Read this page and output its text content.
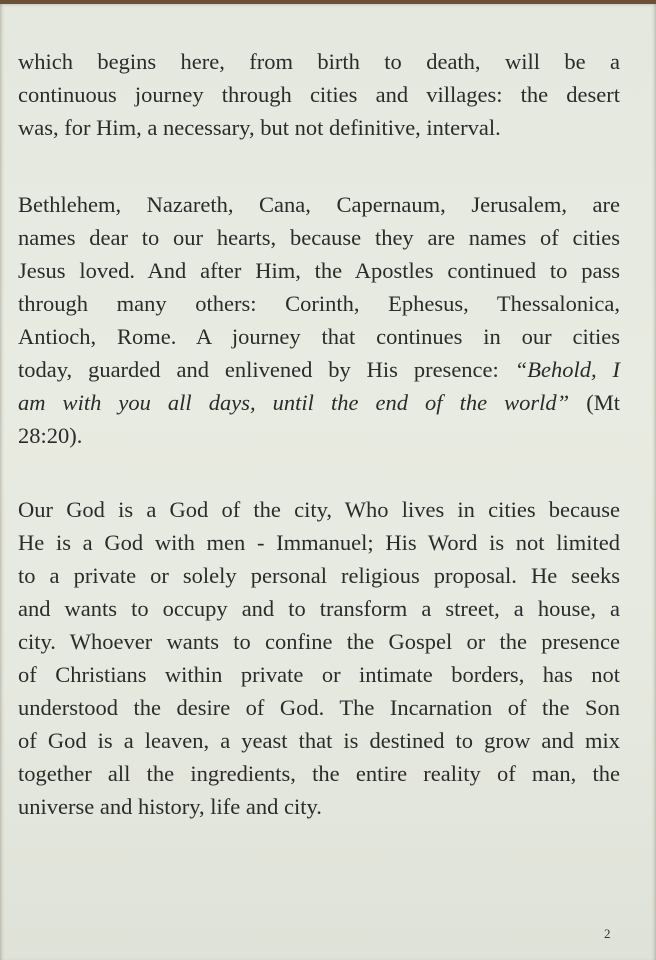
which begins here, from birth to death, will be a
continuous journey through cities and villages: the desert
was, for Him, a necessary, but not definitive, interval.
Bethlehem, Nazareth, Cana, Capernaum, Jerusalem, are
names dear to our hearts, because they are names of cities
Jesus loved. And after Him, the Apostles continued to pass
through many others: Corinth, Ephesus, Thessalonica,
Antioch, Rome. A journey that continues in our cities
today, guarded and enlivened by His presence: “Behold, I
am with you all days, until the end of the world” (Mt
28:20).
Our God is a God of the city, Who lives in cities because
He is a God with men - Immanuel; His Word is not limited
to a private or solely personal religious proposal. He seeks
and wants to occupy and to transform a street, a house, a
city. Whoever wants to confine the Gospel or the presence
of Christians within private or intimate borders, has not
understood the desire of God. The Incarnation of the Son
of God is a leaven, a yeast that is destined to grow and mix
together all the ingredients, the entire reality of man, the
universe and history, life and city.
2
